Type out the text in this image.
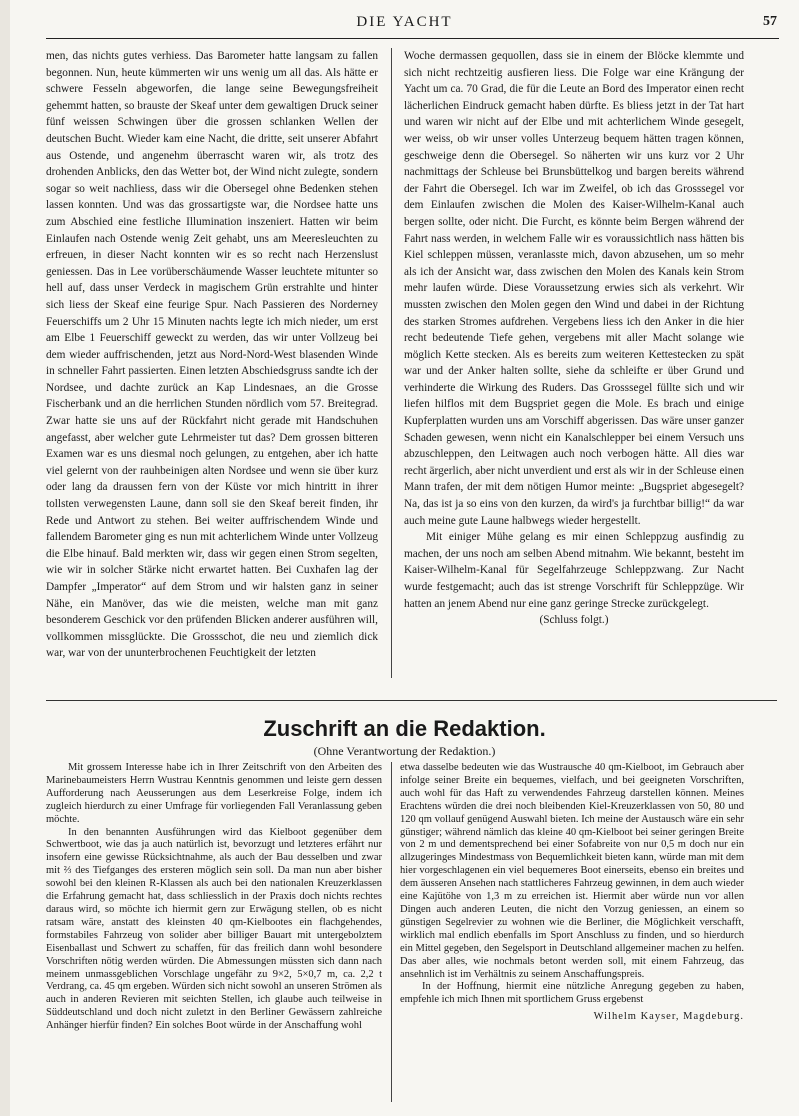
DIE YACHT	57

men, das nichts gutes verhiess. Das Barometer hatte langsam zu fallen begonnen. Nun, heute kümmerten wir uns wenig um all das. Als hätte er schwere Fesseln abgeworfen, die lange seine Bewegungsfreiheit gehemmt hatten, so brauste der Skeaf unter dem gewaltigen Druck seiner fünf weissen Schwingen über die grossen schlanken Wellen der deutschen Bucht. Wieder kam eine Nacht, die dritte, seit unserer Abfahrt aus Ostende, und angenehm überrascht waren wir, als trotz des drohenden Anblicks, den das Wetter bot, der Wind nicht zulegte, sondern sogar so weit nachliess, dass wir die Obersegel ohne Bedenken stehen lassen konnten. Und was das grossartigste war, die Nordsee hatte uns zum Abschied eine festliche Illumination inszeniert. Hatten wir beim Einlaufen nach Ostende wenig Zeit gehabt, uns am Meeresleuchten zu erfreuen, in dieser Nacht konnten wir es so recht nach Herzenslust geniessen. Das in Lee vorüberschäumende Wasser leuchtete mitunter so hell auf, dass unser Verdeck in magischem Grün erstrahlte und hinter sich liess der Skeaf eine feurige Spur. Nach Passieren des Norderney Feuerschiffs um 2 Uhr 15 Minuten nachts legte ich mich nieder, um erst am Elbe 1 Feuerschiff geweckt zu werden, das wir unter Vollzeug bei dem wieder auffrischenden, jetzt aus Nord-Nord-West blasenden Winde in schneller Fahrt passierten. Einen letzten Abschiedsgruss sandte ich der Nordsee, und dachte zurück an Kap Lindesnaes, an die Grosse Fischerbank und an die herrlichen Stunden nördlich vom 57. Breitegrad. Zwar hatte sie uns auf der Rückfahrt nicht gerade mit Handschuhen angefasst, aber welcher gute Lehrmeister tut das? Dem grossen bitteren Examen war es uns diesmal noch gelungen, zu entgehen, aber ich hatte viel gelernt von der rauhbeinigen alten Nordsee und wenn sie über kurz oder lang da draussen fern von der Küste vor mich hintritt in ihrer tollsten verwegensten Laune, dann soll sie den Skeaf bereit finden, ihr Rede und Antwort zu stehen. Bei weiter auffrischendem Winde und fallendem Barometer ging es nun mit achterlichem Winde unter Vollzeug die Elbe hinauf. Bald merkten wir, dass wir gegen einen Strom segelten, wie wir in solcher Stärke nicht erwartet hatten. Bei Cuxhafen lag der Dampfer „Imperator“ auf dem Strom und wir halsten ganz in seiner Nähe, ein Manöver, das wie die meisten, welche man mit ganz besonderem Geschick vor den prüfenden Blicken anderer ausführen will, vollkommen missglückte. Die Grossschot, die neu und ziemlich dick war, war von der ununterbrochenen Feuchtigkeit der letzten

Woche dermassen gequollen, dass sie in einem der Blöcke klemmte und sich nicht rechtzeitig ausfieren liess. Die Folge war eine Krängung der Yacht um ca. 70 Grad, die für die Leute an Bord des Imperator einen recht lächerlichen Eindruck gemacht haben dürfte. Es bliess jetzt in der Tat hart und waren wir nicht auf der Elbe und mit achterlichem Winde gesegelt, wer weiss, ob wir unser volles Unterzeug bequem hätten tragen können, geschweige denn die Obersegel. So näherten wir uns kurz vor 2 Uhr nachmittags der Schleuse bei Brunsbüttelkog und bargen bereits während der Fahrt die Obersegel. Ich war im Zweifel, ob ich das Grosssegel vor dem Einlaufen zwischen die Molen des Kaiser-Wilhelm-Kanal auch bergen sollte, oder nicht. Die Furcht, es könnte beim Bergen während der Fahrt nass werden, in welchem Falle wir es voraussichtlich nass hätten bis Kiel schleppen müssen, veranlasste mich, davon abzusehen, um so mehr als ich der Ansicht war, dass zwischen den Molen des Kanals kein Strom mehr laufen würde. Diese Voraussetzung erwies sich als verkehrt. Wir mussten zwischen den Molen gegen den Wind und dabei in der Richtung des starken Stromes aufdrehen. Vergebens liess ich den Anker in die hier recht bedeutende Tiefe gehen, vergebens mit aller Macht solange wie möglich Kette stecken. Als es bereits zum weiteren Kettestecken zu spät war und der Anker halten sollte, siehe da schleifte er über Grund und verhinderte die Wirkung des Ruders. Das Grosssegel füllte sich und wir liefen hilflos mit dem Bugspriet gegen die Mole. Es brach und einige Kupferplatten wurden uns am Vorschiff abgerissen. Das wäre unser ganzer Schaden gewesen, wenn nicht ein Kanalschlepper bei einem Versuch uns abzuschleppen, den Leitwagen auch noch verbogen hätte. All dies war recht ärgerlich, aber nicht unverdient und erst als wir in der Schleuse einen Mann trafen, der mit dem nötigen Humor meinte: „Bugspriet abgesegelt? Na, das ist ja so eins von den kurzen, da wird's ja furchtbar billig!“ da war auch meine gute Laune halbwegs wieder hergestellt.

Mit einiger Mühe gelang es mir einen Schleppzug ausfindig zu machen, der uns noch am selben Abend mitnahm. Wie bekannt, besteht im Kaiser-Wilhelm-Kanal für Segelfahrzeuge Schleppzwang. Zur Nacht wurde festgemacht; auch das ist strenge Vorschrift für Schleppzüge. Wir hatten an jenem Abend nur eine ganz geringe Strecke zurückgelegt.

(Schluss folgt.)

Zuschrift an die Redaktion.
(Ohne Verantwortung der Redaktion.)

Mit grossem Interesse habe ich in Ihrer Zeitschrift von den Arbeiten des Marinebaumeisters Herrn Wustrau Kenntnis genommen und leiste gern dessen Aufforderung nach Aeusserungen aus dem Leserkreise Folge, indem ich zugleich hierdurch zu einer Umfrage für vorliegenden Fall Veranlassung geben möchte.

In den benannten Ausführungen wird das Kielboot gegenüber dem Schwertboot, wie das ja auch natürlich ist, bevorzugt und letzteres erfährt nur insofern eine gewisse Rücksichtnahme, als auch der Bau desselben und zwar mit ⅔ des Tiefganges des ersteren möglich sein soll. Da man nun aber bisher sowohl bei den kleinen R-Klassen als auch bei den nationalen Kreuzerklassen die Erfahrung gemacht hat, dass schliesslich in der Praxis doch nichts rechtes daraus wird, so möchte ich hiermit gern zur Erwägung stellen, ob es nicht ratsam wäre, anstatt des kleinsten 40 qm-Kielbootes ein flachgehendes, formstabiles Fahrzeug von solider aber billiger Bauart mit untergebolztem Eisenballast und Schwert zu schaffen, für das freilich dann wohl besondere Vorschriften nötig werden würden. Die Abmessungen müssten sich dann nach meinem unmassgeblichen Vorschlage ungefähr zu 9×2, 5×0,7 m, ca. 2,2 t Verdrang, ca. 45 qm ergeben. Würden sich nicht sowohl an unseren Strömen als auch in anderen Revieren mit seichten Stellen, ich glaube auch teilweise in Süddeutschland und doch nicht zuletzt in den Berliner Gewässern zahlreiche Anhänger hierfür finden? Ein solches Boot würde in der Anschaffung wohl

etwa dasselbe bedeuten wie das Wustrausche 40 qm-Kielboot, im Gebrauch aber infolge seiner Breite ein bequemes, vielfach, und bei geeigneten Vorschriften, auch wohl für das Haft zu verwendendes Fahrzeug darstellen können. Meines Erachtens würden die drei noch bleibenden Kiel-Kreuzerklassen von 50, 80 und 120 qm vollauf genügend Auswahl bieten. Ich meine der Austausch wäre ein sehr günstiger; während nämlich das kleine 40 qm-Kielboot bei seiner geringen Breite von 2 m und dementsprechend bei einer Sofabreite von nur 0,5 m doch nur ein allzugeringes Mindestmass von Bequemlichkeit bieten kann, würde man mit dem hier vorgeschlagenen ein viel bequemeres Boot einerseits, ebenso ein breites und dem äusseren Ansehen nach stattlicheres Fahrzeug gewinnen, in dem auch wieder eine Kajütöhe von 1,3 m zu erreichen ist. Hiermit aber würde nun vor allen Dingen auch anderen Leuten, die nicht den Vorzug geniessen, an einem so günstigen Segelrevier zu wohnen wie die Berliner, die Möglichkeit verschafft, wirklich mal endlich ebenfalls im Sport Anschluss zu finden, und so hierdurch ein Mittel gegeben, den Segelsport in Deutschland allgemeiner machen zu helfen. Das aber alles, wie nochmals betont werden soll, mit einem Fahrzeug, das ansehnlich ist im Verhältnis zu seinem Anschaffungspreis.

In der Hoffnung, hiermit eine nützliche Anregung gegeben zu haben, empfehle ich mich Ihnen mit sportlichem Gruss ergebenst

Wilhelm Kayser, Magdeburg.
